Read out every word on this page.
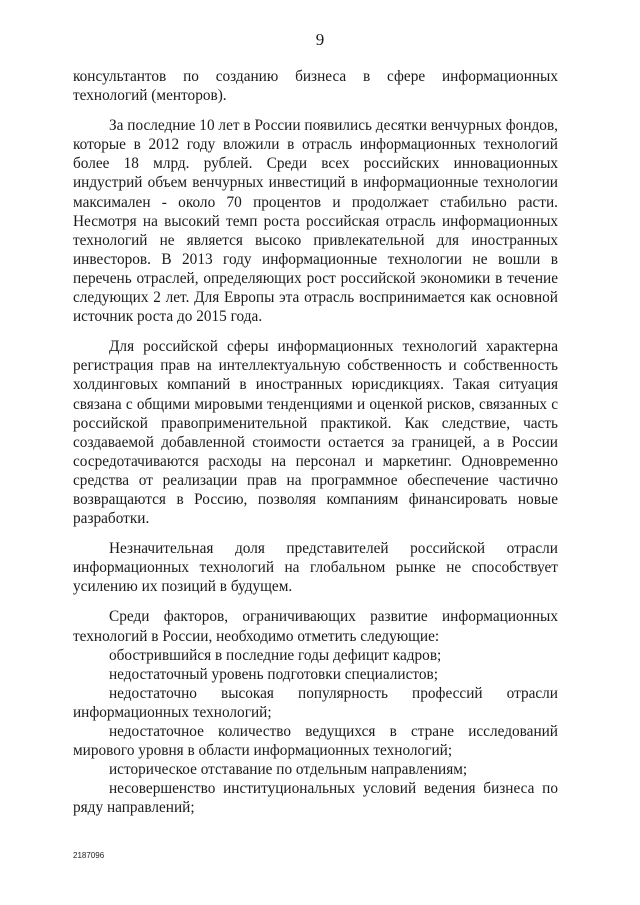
9

консультантов по созданию бизнеса в сфере информационных технологий (менторов).

За последние 10 лет в России появились десятки венчурных фондов, которые в 2012 году вложили в отрасль информационных технологий более 18 млрд. рублей. Среди всех российских инновационных индустрий объем венчурных инвестиций в информационные технологии максимален - около 70 процентов и продолжает стабильно расти. Несмотря на высокий темп роста российская отрасль информационных технологий не является высоко привлекательной для иностранных инвесторов. В 2013 году информационные технологии не вошли в перечень отраслей, определяющих рост российской экономики в течение следующих 2 лет. Для Европы эта отрасль воспринимается как основной источник роста до 2015 года.

Для российской сферы информационных технологий характерна регистрация прав на интеллектуальную собственность и собственность холдинговых компаний в иностранных юрисдикциях. Такая ситуация связана с общими мировыми тенденциями и оценкой рисков, связанных с российской правоприменительной практикой. Как следствие, часть создаваемой добавленной стоимости остается за границей, а в России сосредотачиваются расходы на персонал и маркетинг. Одновременно средства от реализации прав на программное обеспечение частично возвращаются в Россию, позволяя компаниям финансировать новые разработки.

Незначительная доля представителей российской отрасли информационных технологий на глобальном рынке не способствует усилению их позиций в будущем.

Среди факторов, ограничивающих развитие информационных технологий в России, необходимо отметить следующие:

обострившийся в последние годы дефицит кадров;

недостаточный уровень подготовки специалистов;

недостаточно высокая популярность профессий отрасли информационных технологий;

недостаточное количество ведущихся в стране исследований мирового уровня в области информационных технологий;

историческое отставание по отдельным направлениям;

несовершенство институциональных условий ведения бизнеса по ряду направлений;

2187096
